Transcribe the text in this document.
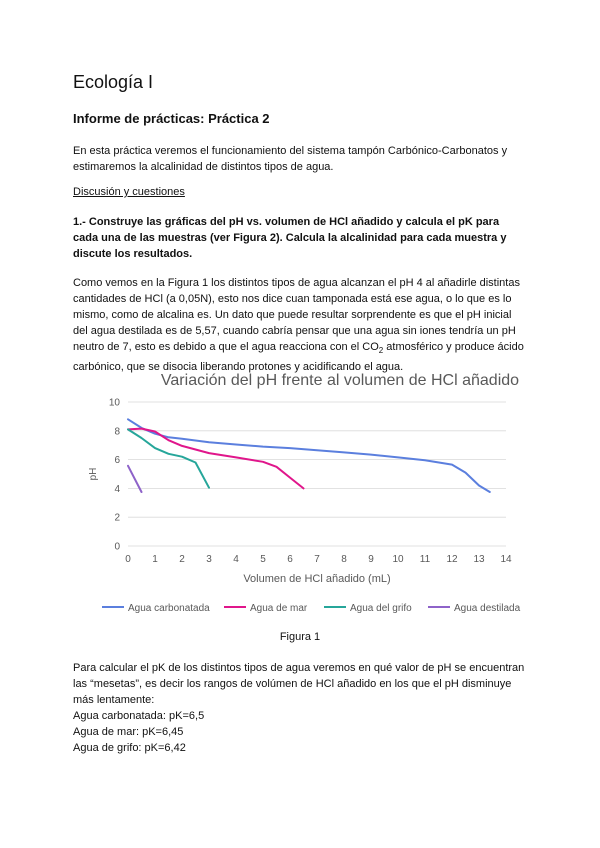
Ecología I
Informe de prácticas: Práctica 2
En esta práctica veremos el funcionamiento del sistema tampón Carbónico-Carbonatos y
estimaremos la alcalinidad de distintos tipos de agua.
Discusión y cuestiones
1.- Construye las gráficas del pH vs. volumen de HCl añadido y calcula el pK para
cada una de las muestras (ver Figura 2). Calcula la alcalinidad para cada muestra y
discute los resultados.
Como vemos en la Figura 1 los distintos tipos de agua alcanzan el pH 4 al añadirle distintas
cantidades de HCl (a 0,05N), esto nos dice cuan tamponada está ese agua, o lo que es lo
mismo, como de alcalina es. Un dato que puede resultar sorprendente es que el pH inicial
del agua destilada es de 5,57, cuando cabría pensar que una agua sin iones tendría un pH
neutro de 7, esto es debido a que el agua reacciona con el $CO_2$ atmosférico y produce ácido
carbónico, que se disocia liberando protones y acidificando el agua.
Variación del pH frente al volumen de HCl añadido
0
2
4
6
8
10
0 1 2 3 4 5 6 7 8 9 10 11 12 13 14
pH
Volumen de HCl añadido (mL)
Agua carbonatada	Agua de mar	Agua del grifo	Agua destilada
Figura 1
Para calcular el pK de los distintos tipos de agua veremos en qué valor de pH se encuentran
las “mesetas”, es decir los rangos de volúmen de HCl añadido en los que el pH disminuye
más lentamente:
Agua carbonatada: pK=6,5
Agua de mar: pK=6,45
Agua de grifo: pK=6,42
